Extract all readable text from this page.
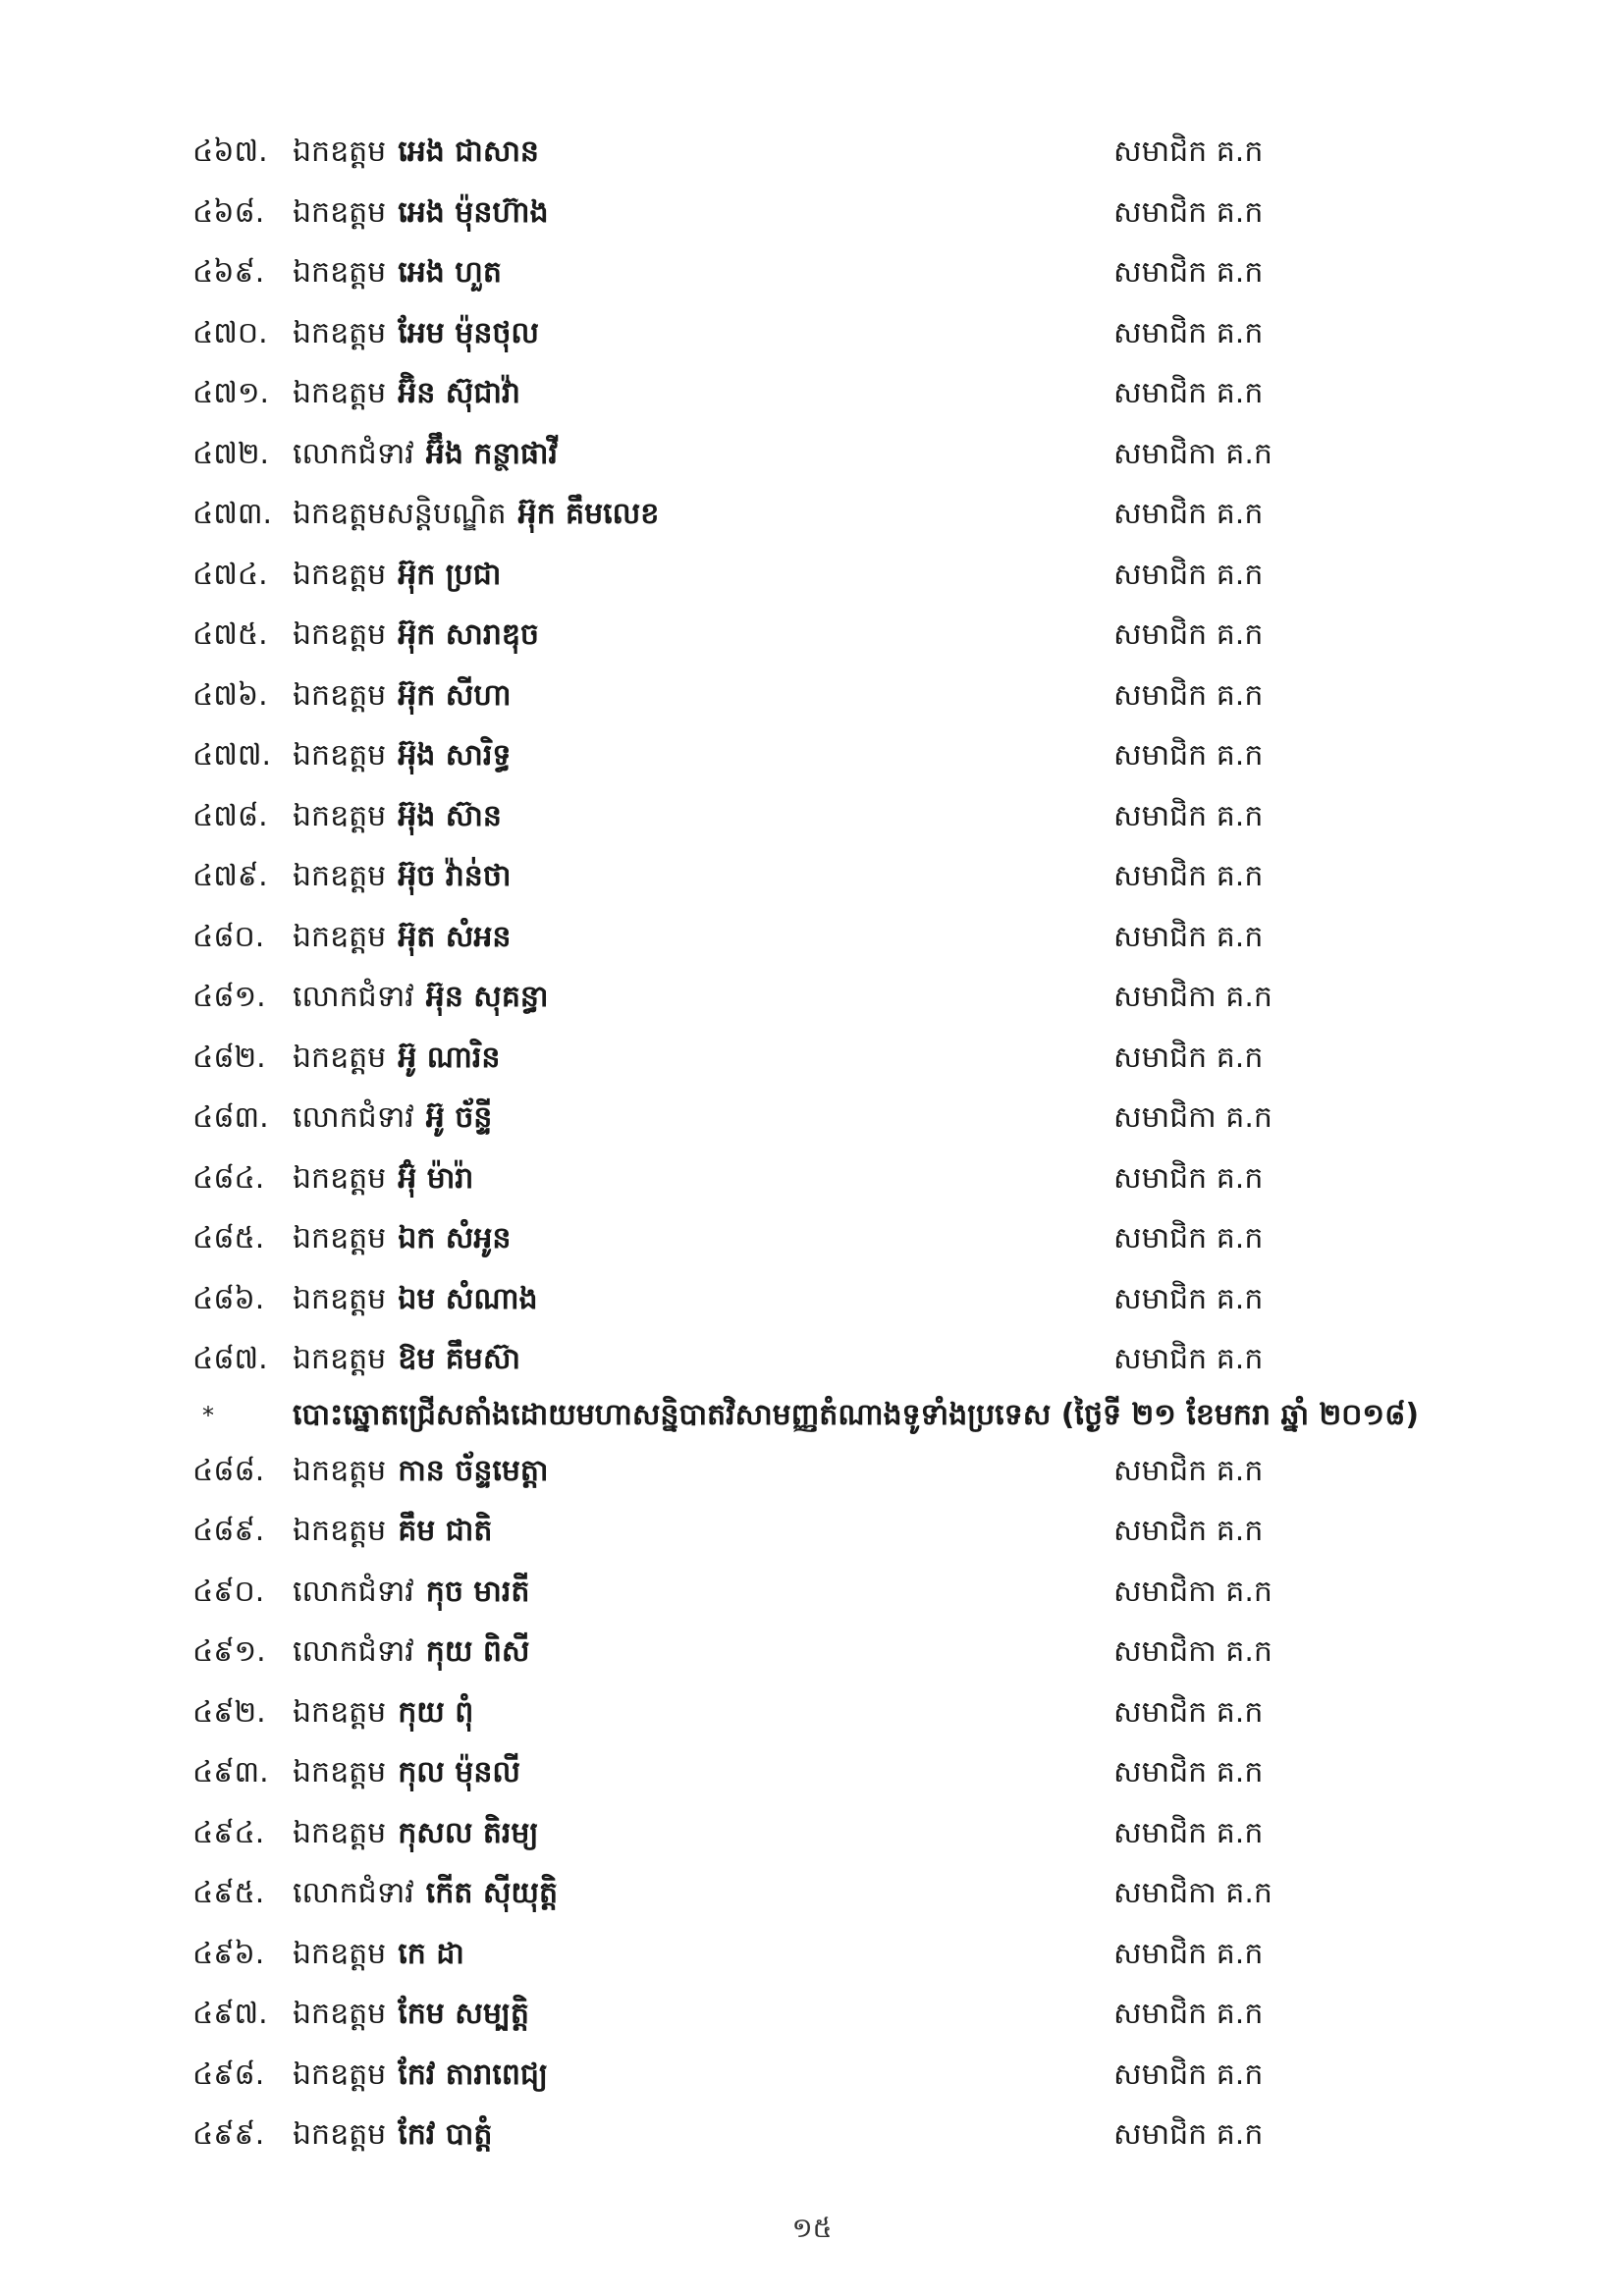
៤៦៧. ឯកឧត្តម អេង ជាសាន	សមាជិក គ.ក
៤៦៨. ឯកឧត្តម អេង ម៉ុនហ៊ាង	សមាជិក គ.ក
៤៦៩. ឯកឧត្តម អេង ហួត	សមាជិក គ.ក
៤៧០. ឯកឧត្តម អែម ម៉ុនថុល	សមាជិក គ.ក
៤៧១. ឯកឧត្តម អ៊ិន ស៊ុជាវ៉ា	សមាជិក គ.ក
៤៧២. លោកជំទាវ អ៊ឹង កន្ថាផាវី	សមាជិកា គ.ក
៤៧៣. ឯកឧត្តមសន្តិបណ្ឌិត អ៊ុក គឹមលេខ	សមាជិក គ.ក
៤៧៤. ឯកឧត្តម អ៊ុក ប្រជា	សមាជិក គ.ក
៤៧៥. ឯកឧត្តម អ៊ុក សារាឌុច	សមាជិក គ.ក
៤៧៦. ឯកឧត្តម អ៊ុក សីហា	សមាជិក គ.ក
៤៧៧. ឯកឧត្តម អ៊ុង សារិទ្ធ	សមាជិក គ.ក
៤៧៨. ឯកឧត្តម អ៊ុង ស៊ាន	សមាជិក គ.ក
៤៧៩. ឯកឧត្តម អ៊ុច វ៉ាន់ថា	សមាជិក គ.ក
៤៨០. ឯកឧត្តម អ៊ុត សំអន	សមាជិក គ.ក
៤៨១. លោកជំទាវ អ៊ុន សុគន្ធា	សមាជិកា គ.ក
៤៨២. ឯកឧត្តម អ៊ូ ណារិន	សមាជិក គ.ក
៤៨៣. លោកជំទាវ អ៊ូ ច័ន្ទី	សមាជិកា គ.ក
៤៨៤. ឯកឧត្តម អ៊ុំ ម៉ារ៉ា	សមាជិក គ.ក
៤៨៥. ឯកឧត្តម ឯក សំអូន	សមាជិក គ.ក
៤៨៦. ឯកឧត្តម ឯម សំណាង	សមាជិក គ.ក
៤៨៧. ឯកឧត្តម ឱម គឹមស៊ា	សមាជិក គ.ក
*	បោះឆ្នោតជ្រើសតាំងដោយមហាសន្និបាតវិសាមញ្ញតំណាងទូទាំងប្រទេស (ថ្ងៃទី ២១ ខែមករា ឆ្នាំ ២០១៨)
៤៨៨. ឯកឧត្តម កាន ច័ន្ទមេត្តា	សមាជិក គ.ក
៤៨៩. ឯកឧត្តម គឹម ជាតិ	សមាជិក គ.ក
៤៩០. លោកជំទាវ កុច មារតី	សមាជិកា គ.ក
៤៩១. លោកជំទាវ កុយ ពិសី	សមាជិកា គ.ក
៤៩២. ឯកឧត្តម កុយ ពុំ	សមាជិក គ.ក
៤៩៣. ឯកឧត្តម កុល ម៉ុនលី	សមាជិក គ.ក
៤៩៤. ឯកឧត្តម កុសល តិរម្យ	សមាជិក គ.ក
៤៩៥. លោកជំទាវ កើត ស៊ីយុត្តិ	សមាជិកា គ.ក
៤៩៦. ឯកឧត្តម កេ ដា	សមាជិក គ.ក
៤៩៧. ឯកឧត្តម កែម សម្បត្តិ	សមាជិក គ.ក
៤៩៨. ឯកឧត្តម កែវ តារាពេជ្យ	សមាជិក គ.ក
៤៩៩. ឯកឧត្តម កែវ បាត្តំ	សមាជិក គ.ក
១៥
